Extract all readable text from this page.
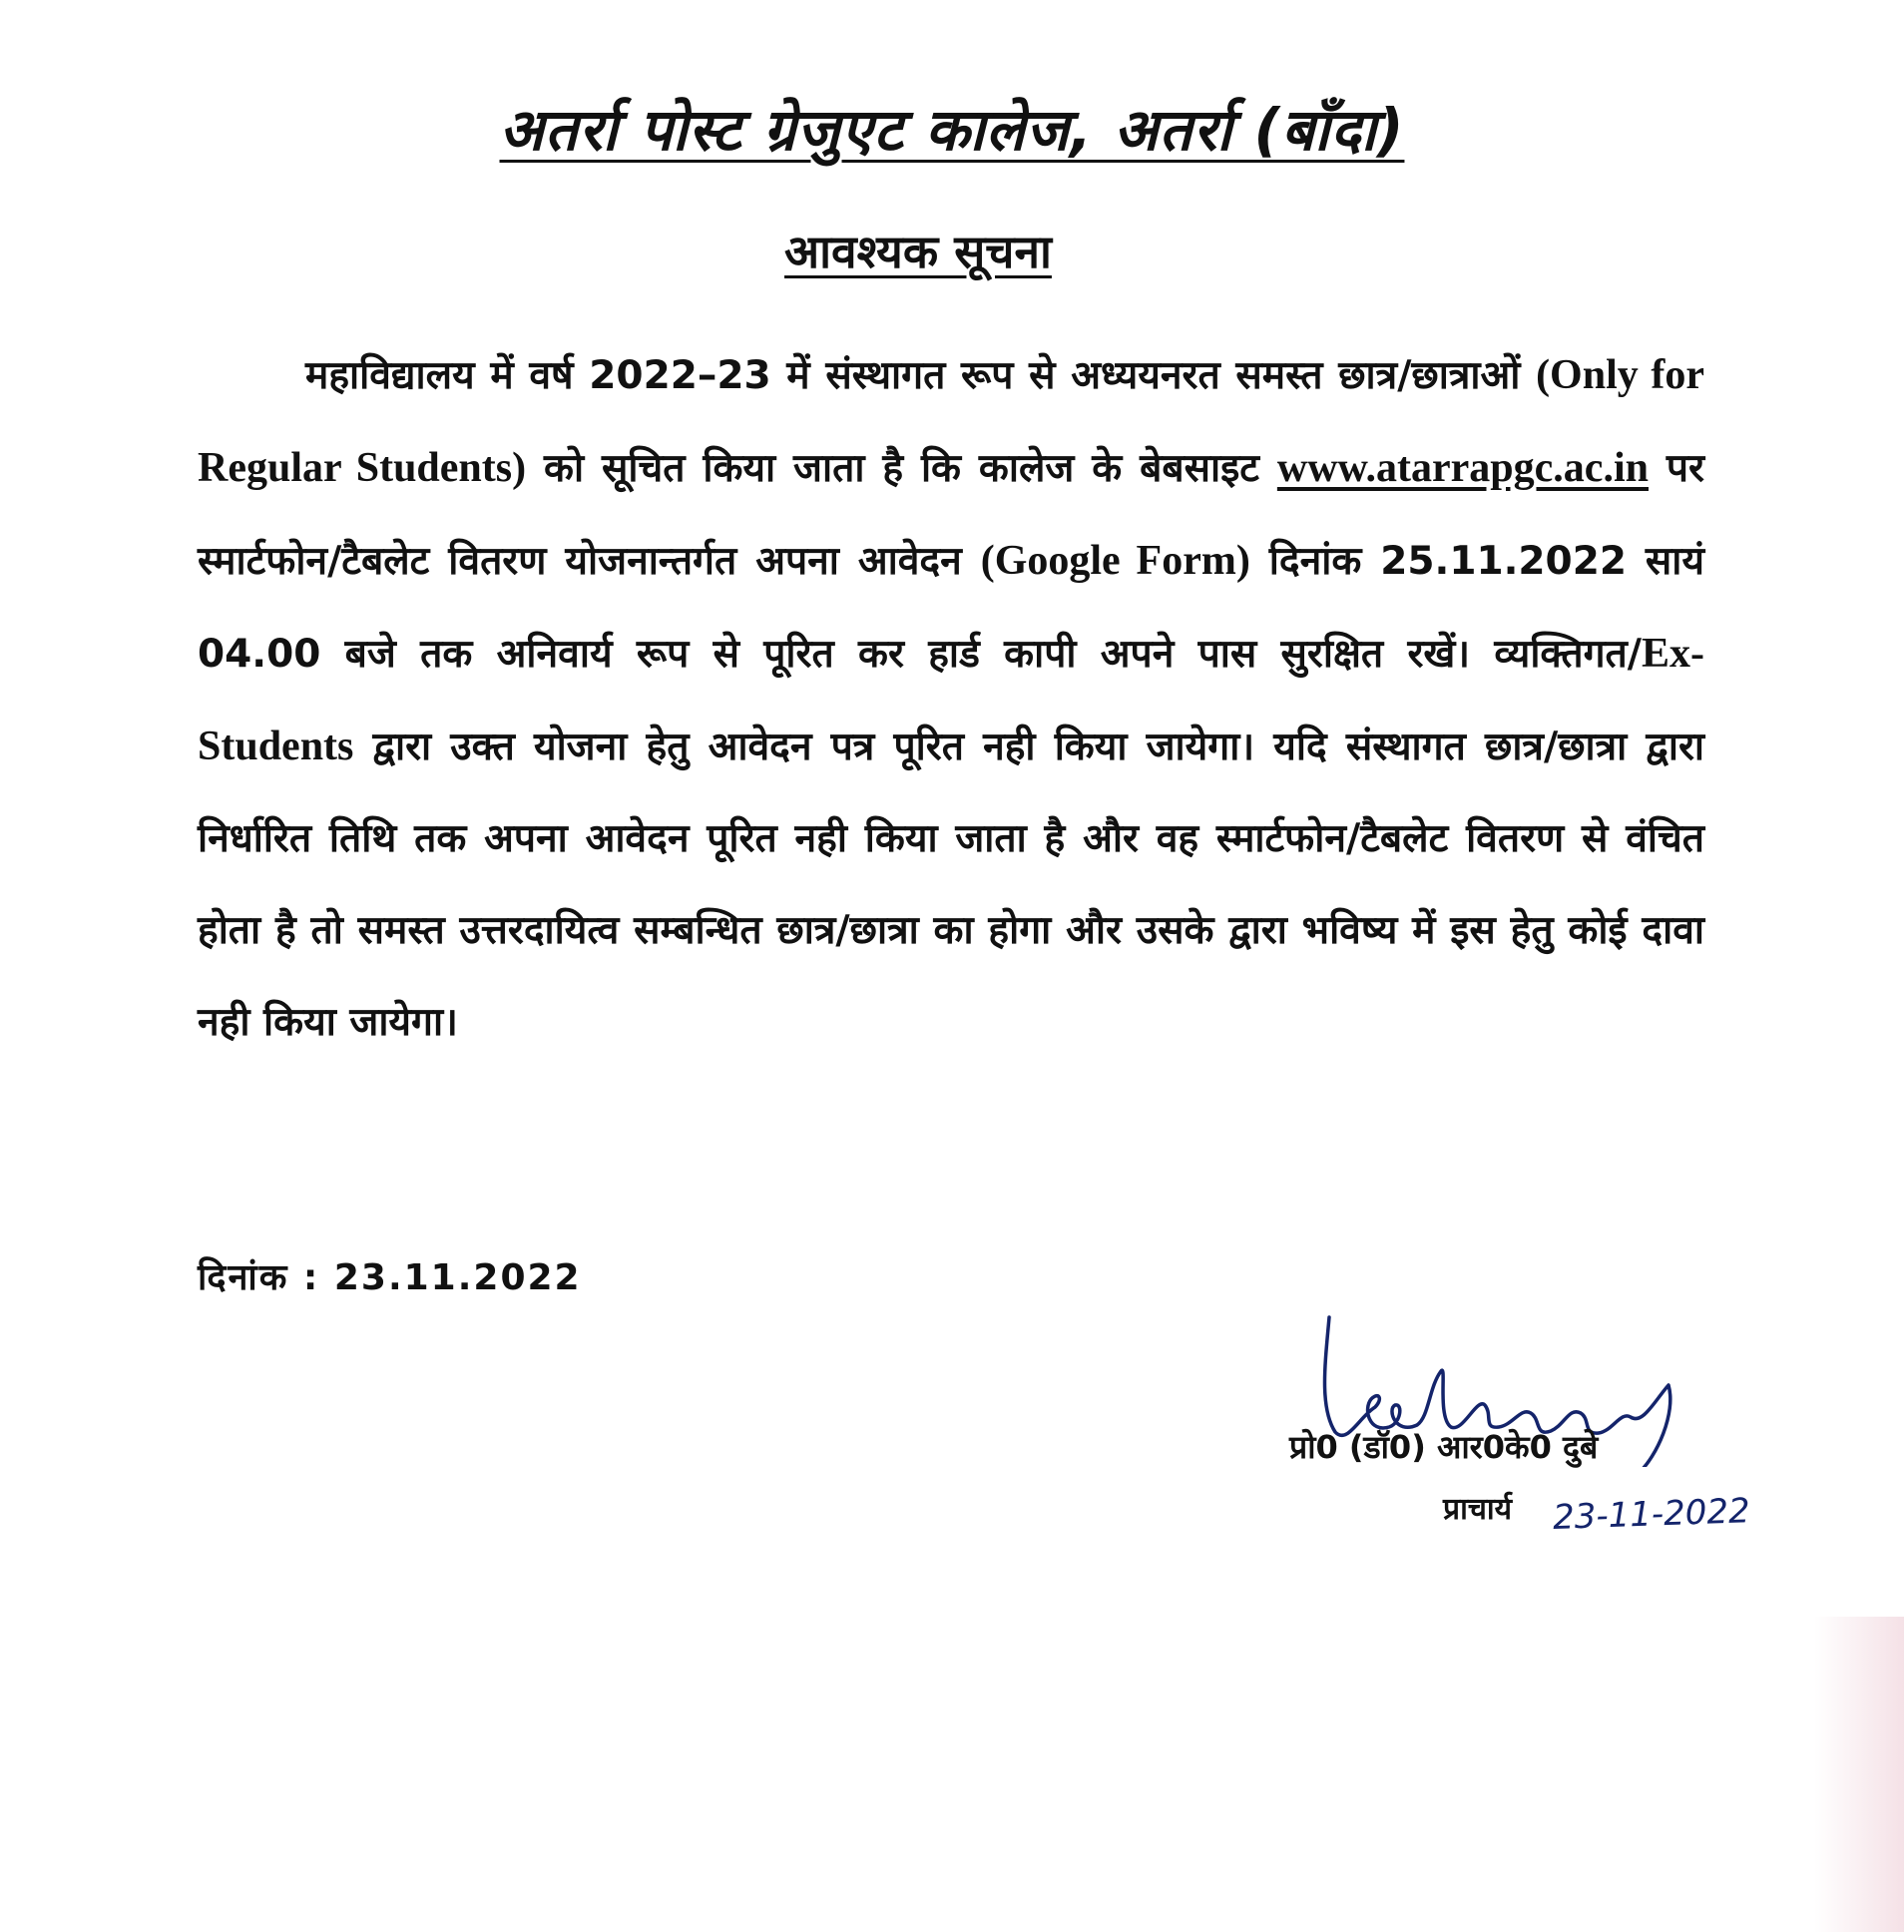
अतर्रा पोस्ट ग्रेजुएट कालेज, अतर्रा (बाँदा)
आवश्यक सूचना

महाविद्यालय में वर्ष 2022–23 में संस्थागत रूप से अध्ययनरत समस्त छात्र/छात्राओं (Only for Regular Students) को सूचित किया जाता है कि कालेज के बेबसाइट www.atarrapgc.ac.in पर स्मार्टफोन/टैबलेट वितरण योजनान्तर्गत अपना आवेदन (Google Form) दिनांक 25.11.2022 सायं 04.00 बजे तक अनिवार्य रूप से पूरित कर हार्ड कापी अपने पास सुरक्षित रखें। व्यक्तिगत/Ex-Students द्वारा उक्त योजना हेतु आवेदन पत्र पूरित नही किया जायेगा। यदि संस्थागत छात्र/छात्रा द्वारा निर्धारित तिथि तक अपना आवेदन पूरित नही किया जाता है और वह स्मार्टफोन/टैबलेट वितरण से वंचित होता है तो समस्त उत्तरदायित्व सम्बन्धित छात्र/छात्रा का होगा और उसके द्वारा भविष्य में इस हेतु कोई दावा नही किया जायेगा।

दिनांक : 23.11.2022
प्रो0 (डॉ0) आर0के0 दुबे
प्राचार्य 23-11-2022
